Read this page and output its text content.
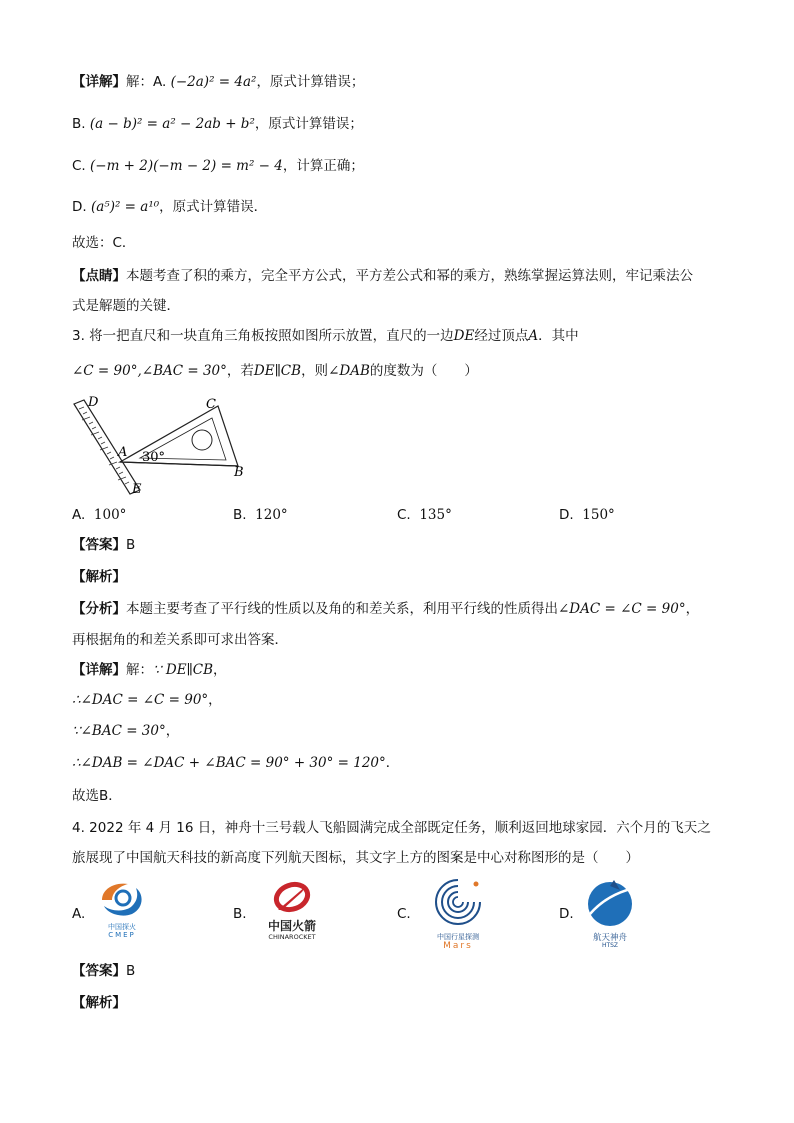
【详解】解：A. (−2a)² = 4a²，原式计算错误；
B. (a − b)² = a² − 2ab + b²，原式计算错误；
C. (−m + 2)(−m − 2) = m² − 4，计算正确；
D. (a⁵)² = a¹⁰，原式计算错误．
故选：C．
【点睛】本题考查了积的乘方，完全平方公式，平方差公式和幂的乘方，熟练掌握运算法则，牢记乘法公
式是解题的关键．
3. 将一把直尺和一块直角三角板按照如图所示放置，直尺的一边DE经过顶点A．其中
∠C = 90°,∠BAC = 30°，若DE∥CB，则∠DAB的度数为（　　）
D	C
A 30°
B
E
A. 100°	B. 120°	C. 135°	D. 150°
【答案】B
【解析】
【分析】本题主要考查了平行线的性质以及角的和差关系，利用平行线的性质得出∠DAC = ∠C = 90°，
再根据角的和差关系即可求出答案．
【详解】解：∵ DE∥CB，
∴∠DAC = ∠C = 90°，
∵∠BAC = 30°，
∴∠DAB = ∠DAC + ∠BAC = 90° + 30° = 120°．
故选B．
4. 2022 年 4 月 16 日，神舟十三号载人飞船圆满完成全部既定任务，顺利返回地球家园．六个月的飞天之
旅展现了中国航天科技的新高度下列航天图标，其文字上方的图案是中心对称图形的是（　　）
A.
中国探火
CMEP
B.
中国火箭
CHINAROCKET
C.
中国行星探测
Mars
D.
航天神舟
HTSZ
【答案】B
【解析】
